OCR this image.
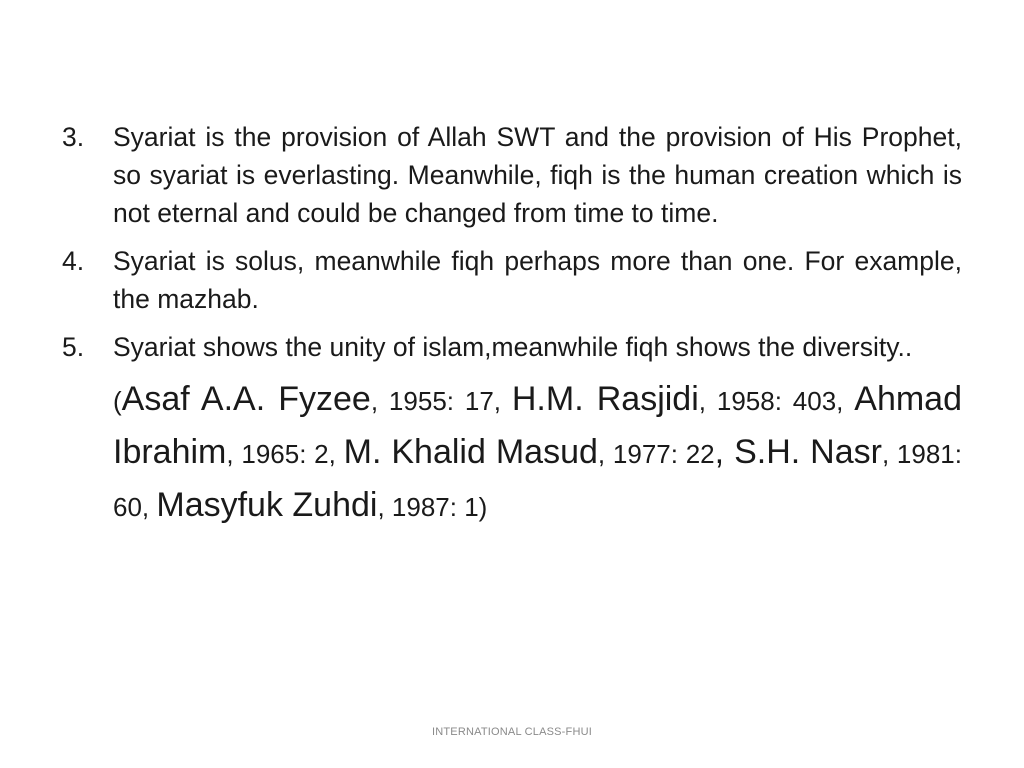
3. Syariat is the provision of Allah SWT and the provision of His Prophet, so syariat is everlasting. Meanwhile, fiqh is the human creation which is not eternal and could be changed from time to time.
4. Syariat is solus, meanwhile fiqh perhaps more than one. For example, the mazhab.
5. Syariat shows the unity of islam,meanwhile fiqh shows the diversity..
(Asaf A.A. Fyzee, 1955: 17, H.M. Rasjidi, 1958: 403, Ahmad Ibrahim, 1965: 2, M. Khalid Masud, 1977: 22, S.H. Nasr, 1981: 60, Masyfuk Zuhdi, 1987: 1)
INTERNATIONAL CLASS-FHUI
